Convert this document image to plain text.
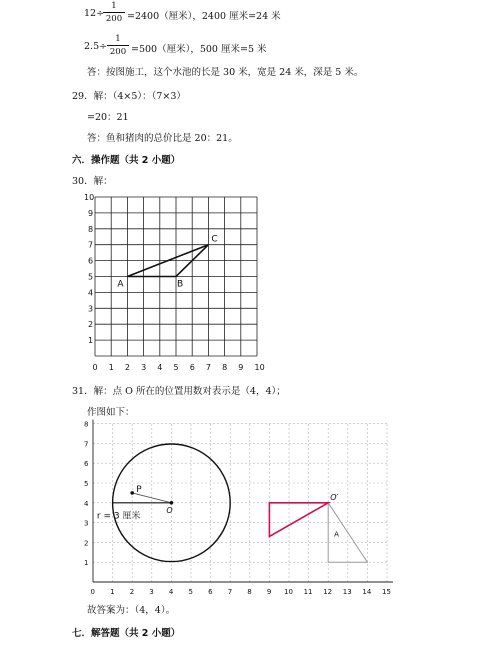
12÷
1
200 =2400（厘米），2400 厘米=24 米
2.5÷
1
200 =500（厘米），500 厘米=5 米
答：按图施工，这个水池的长是 30 米，宽是 24 米，深是 5 米。
29．解：（4×5）：（7×3）
=20：21
答：鱼和猪肉的总价比是 20：21。
六．操作题（共 2 小题）
30．解：
0 1 2 3 4 5 6 7 8 9 10
1
2
3
4
5
6
7
8
9
10
A	B
C
0 1 2 3 4 5 6 7 8 9 10 11 12 13 14 15
1
2
3
4
5
6
7
8
P
O
r = 3 厘米
O′
A
31．解：点 O 所在的位置用数对表示是（4，4）；
作图如下：
故答案为：（4，4）。
七．解答题（共 2 小题）
